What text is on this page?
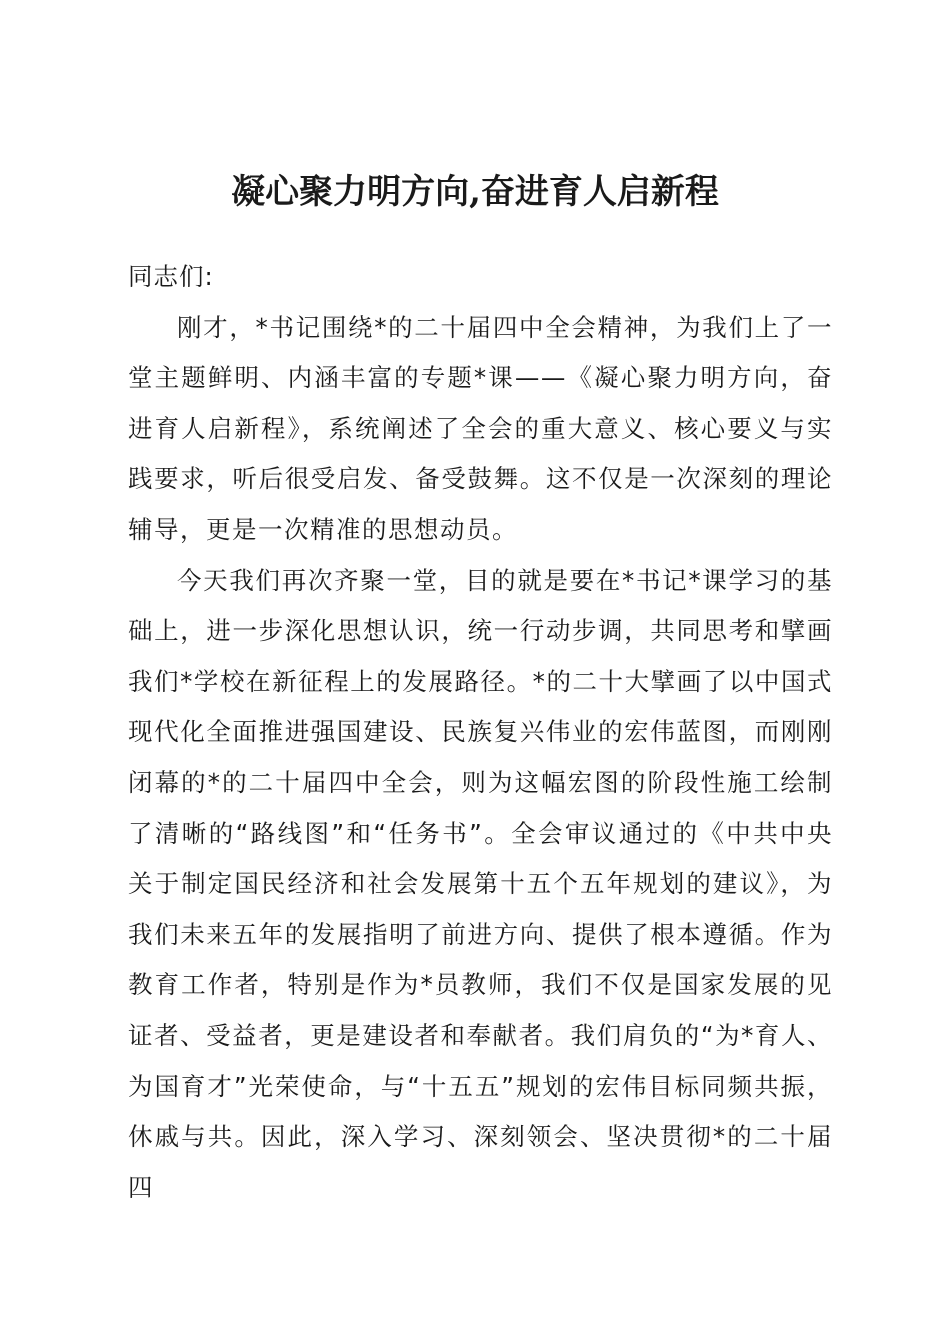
凝心聚力明方向,奋进育人启新程

同志们:

刚才，*书记围绕*的二十届四中全会精神，为我们上了一堂主题鲜明、内涵丰富的专题*课——《凝心聚力明方向，奋进育人启新程》，系统阐述了全会的重大意义、核心要义与实践要求，听后很受启发、备受鼓舞。这不仅是一次深刻的理论辅导，更是一次精准的思想动员。

今天我们再次齐聚一堂，目的就是要在*书记*课学习的基础上，进一步深化思想认识，统一行动步调，共同思考和擘画我们*学校在新征程上的发展路径。*的二十大擘画了以中国式现代化全面推进强国建设、民族复兴伟业的宏伟蓝图，而刚刚闭幕的*的二十届四中全会，则为这幅宏图的阶段性施工绘制了清晰的“路线图”和“任务书”。全会审议通过的《中共中央关于制定国民经济和社会发展第十五个五年规划的建议》，为我们未来五年的发展指明了前进方向、提供了根本遵循。作为教育工作者，特别是作为*员教师，我们不仅是国家发展的见证者、受益者，更是建设者和奉献者。我们肩负的“为*育人、为国育才”光荣使命，与“十五五”规划的宏伟目标同频共振，休戚与共。因此，深入学习、深刻领会、坚决贯彻*的二十届四
